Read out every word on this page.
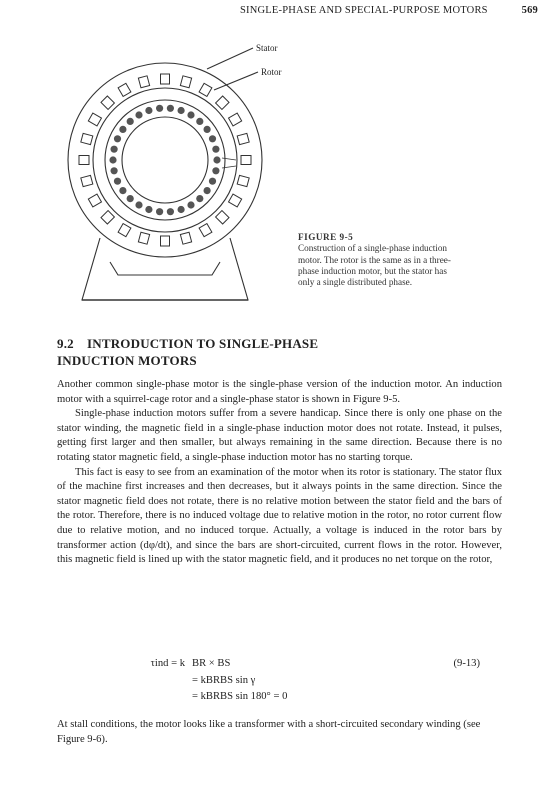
SINGLE-PHASE AND SPECIAL-PURPOSE MOTORS	569
Stator
Rotor
FIGURE 9-5
Construction of a single-phase induction
motor. The rotor is the same as in a three-
phase induction motor, but the stator has
only a single distributed phase.
9.2 INTRODUCTION TO SINGLE-PHASE
INDUCTION MOTORS

Another common single-phase motor is the single-phase version of the induction motor. An induction motor with a squirrel-cage rotor and a single-phase stator is shown in Figure 9-5.

Single-phase induction motors suffer from a severe handicap. Since there is only one phase on the stator winding, the magnetic field in a single-phase induction motor does not rotate. Instead, it pulses, getting first larger and then smaller, but always remaining in the same direction. Because there is no rotating stator magnetic field, a single-phase induction motor has no starting torque.

This fact is easy to see from an examination of the motor when its rotor is stationary. The stator flux of the machine first increases and then decreases, but it always points in the same direction. Since the stator magnetic field does not rotate, there is no relative motion between the stator field and the bars of the rotor. Therefore, there is no induced voltage due to relative motion in the rotor, no rotor current flow due to relative motion, and no induced torque. Actually, a voltage is induced in the rotor bars by transformer action (dφ/dt), and since the bars are short-circuited, current flows in the rotor. However, this magnetic field is lined up with the stator magnetic field, and it produces no net torque on the rotor,

τind = k BR × BS	(9-13)
= kBRBS sin γ
= kBRBS sin 180° = 0
At stall conditions, the motor looks like a transformer with a short-circuited secondary winding (see Figure 9-6).
